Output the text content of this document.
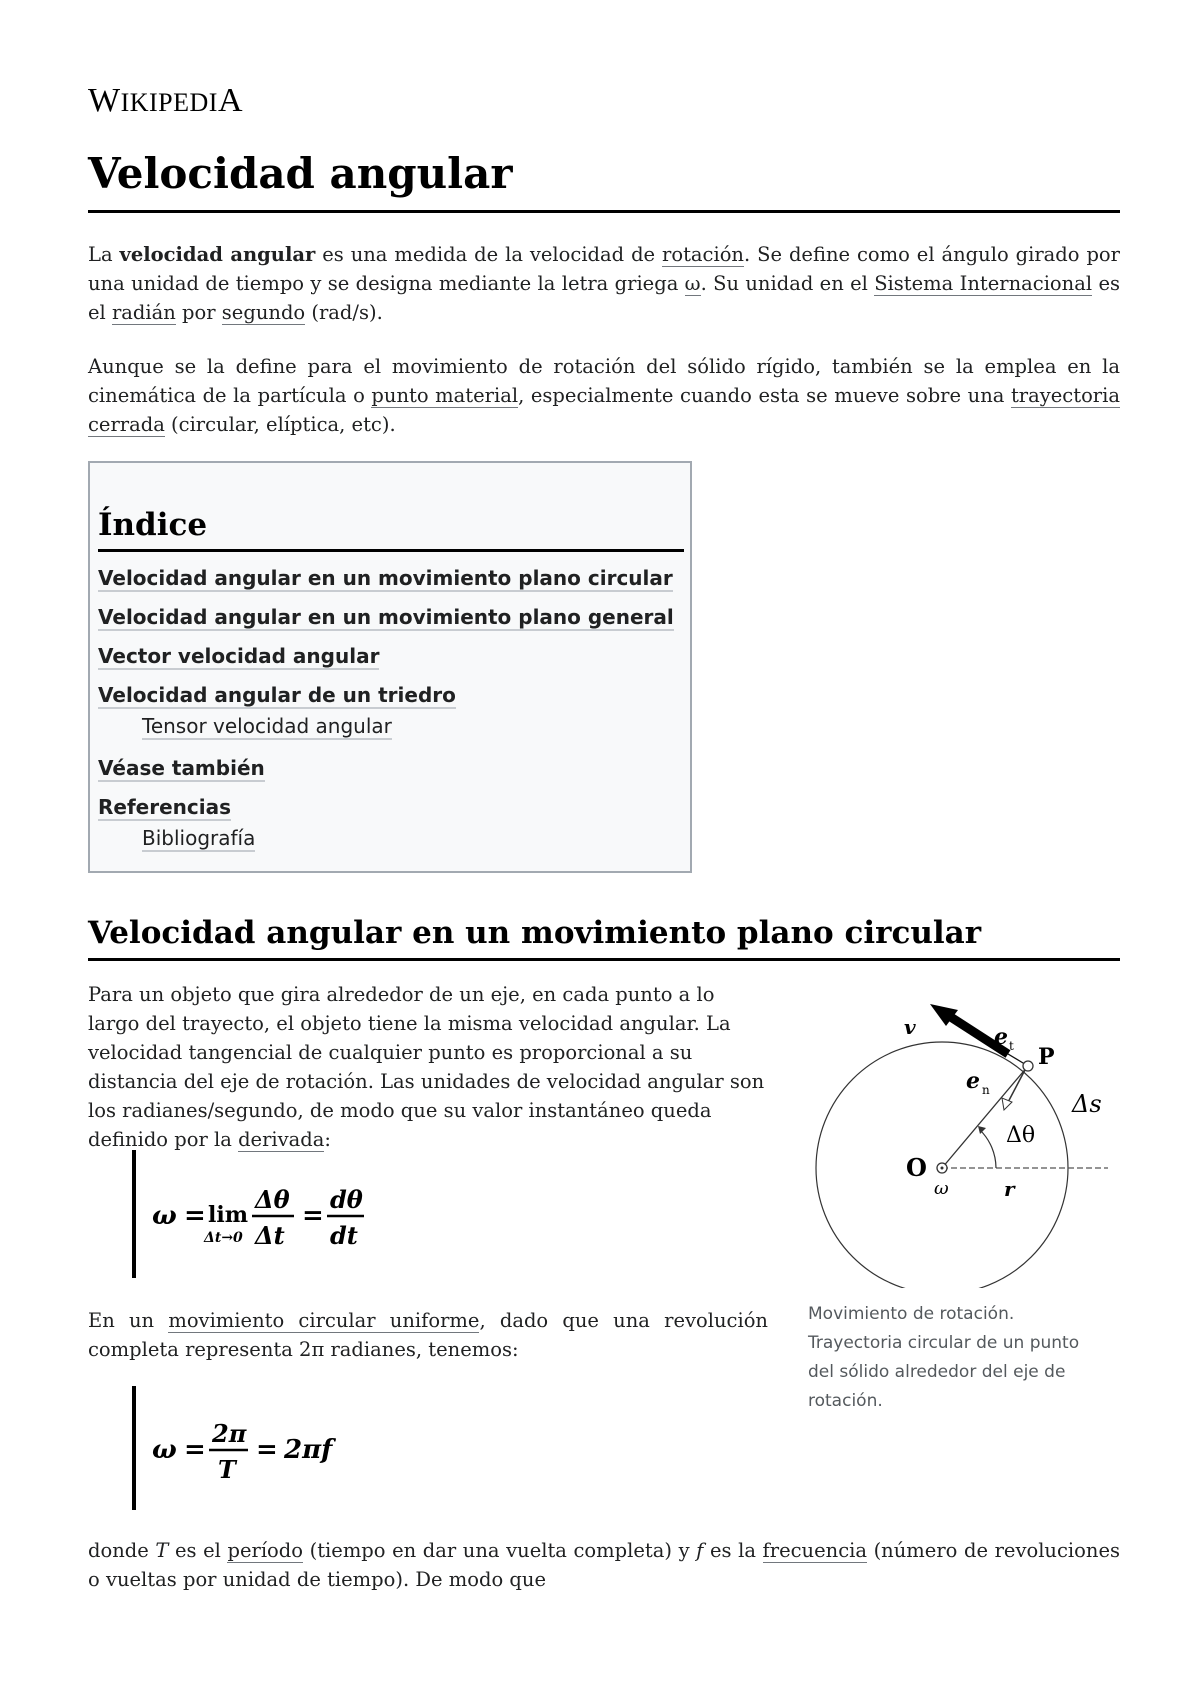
WIKIPEDIA
Velocidad angular

La velocidad angular es una medida de la velocidad de rotación. Se define como el ángulo girado por una unidad de tiempo y se designa mediante la letra griega ω. Su unidad en el Sistema Internacional es el radián por segundo (rad/s).

Aunque se la define para el movimiento de rotación del sólido rígido, también se la emplea en la cinemática de la partícula o punto material, especialmente cuando esta se mueve sobre una trayectoria cerrada (circular, elíptica, etc).

Índice
Velocidad angular en un movimiento plano circular
Velocidad angular en un movimiento plano general
Vector velocidad angular
Velocidad angular de un triedro
Tensor velocidad angular
Véase también
Referencias
Bibliografía
Velocidad angular en un movimiento plano circular

Para un objeto que gira alrededor de un eje, en cada punto a lo largo del trayecto, el objeto tiene la misma velocidad angular. La velocidad tangencial de cualquier punto es proporcional a su distancia del eje de rotación. Las unidades de velocidad angular son los radianes/segundo, de modo que su valor instantáneo queda definido por la derivada:

ω = lim
Δt→0
Δθ
Δt
=
dθ
dt

En un movimiento circular uniforme, dado que una revolución completa representa 2π radianes, tenemos:

ω =
2π
T
= 2πf

donde T es el período (tiempo en dar una vuelta completa) y f es la frecuencia (número de revoluciones o vueltas por unidad de tiempo). De modo que

v	e t P
e n	Δs
Δθ
O
ω	r
Movimiento de rotación. Trayectoria circular de un punto del sólido alrededor del eje de rotación.
